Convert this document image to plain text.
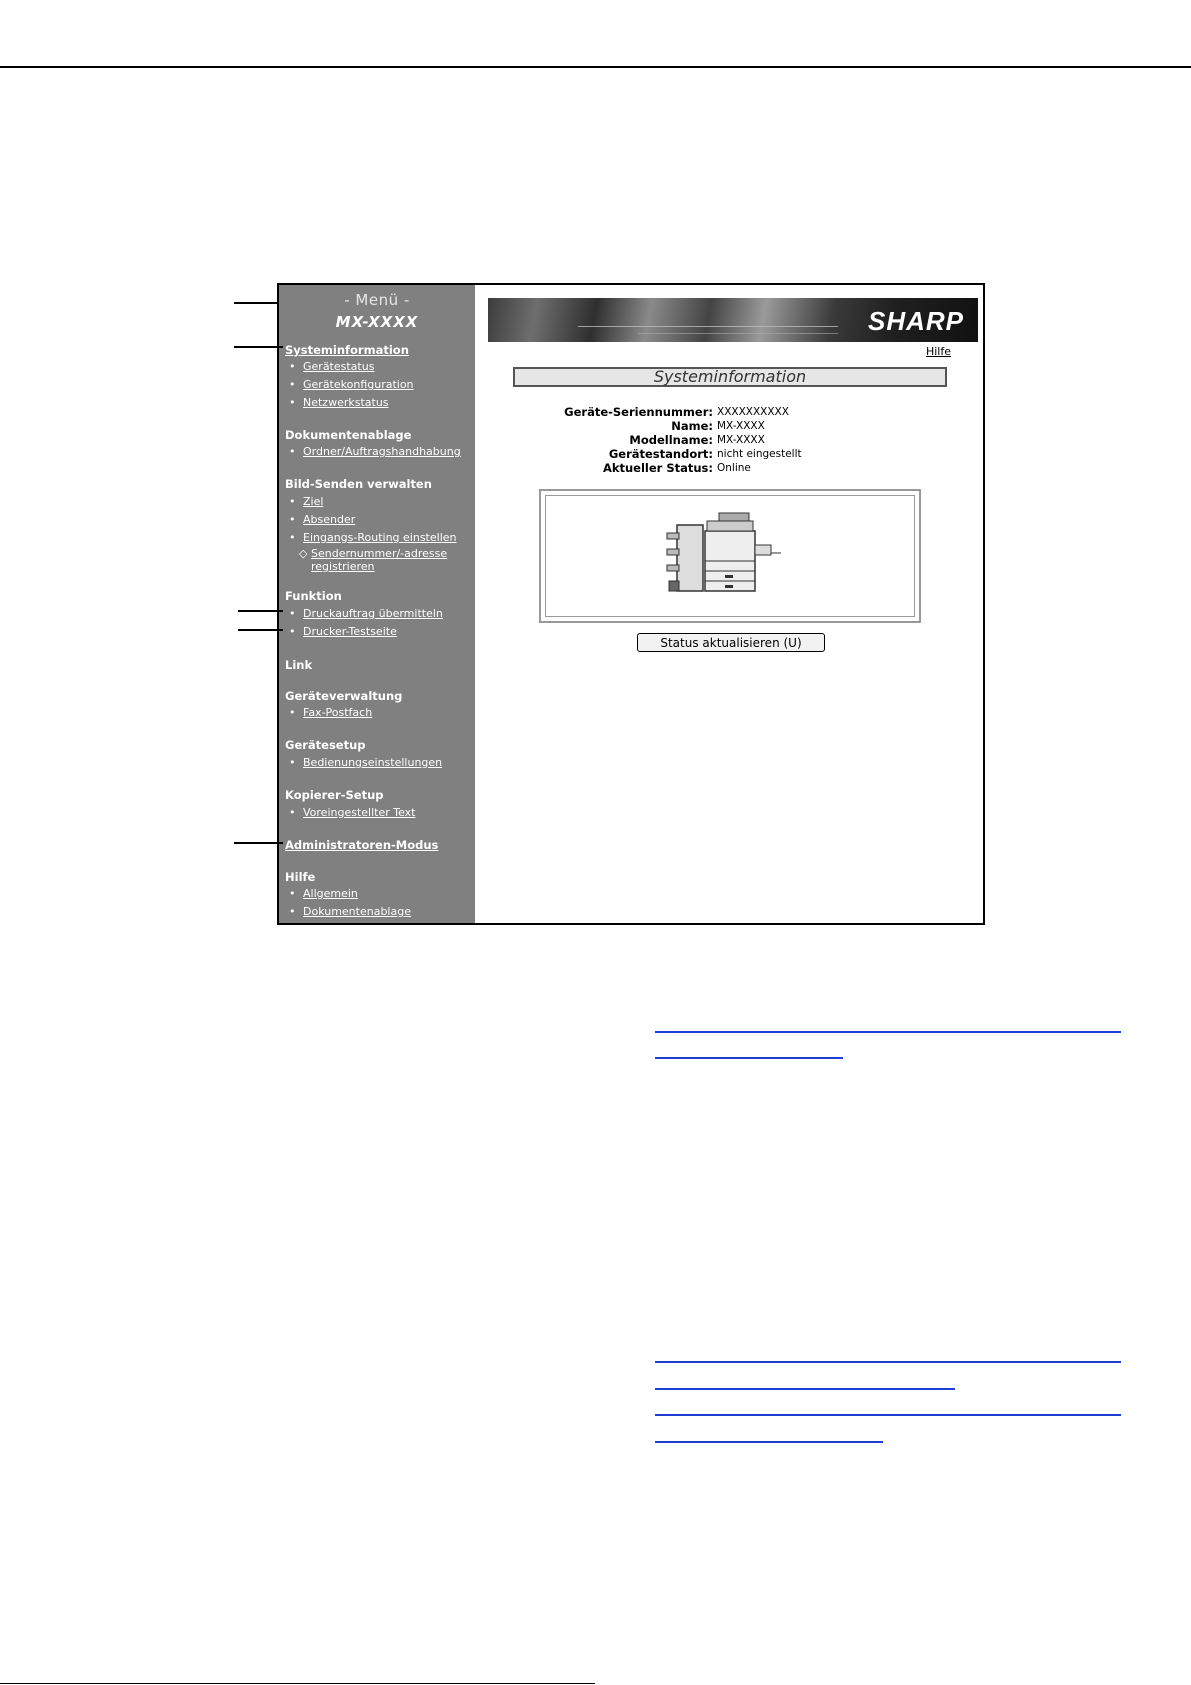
- Menü -
MX-XXXX
Systeminformation
• Gerätestatus
• Gerätekonfiguration
• Netzwerkstatus
Dokumentenablage
• Ordner/Auftragshandhabung
Bild-Senden verwalten
• Ziel
• Absender
• Eingangs-Routing einstellen
◇ Sendernummer/-adresse
registrieren
Funktion
• Druckauftrag übermitteln
• Drucker-Testseite
Link
Geräteverwaltung
• Fax-Postfach
Gerätesetup
• Bedienungseinstellungen
Kopierer-Setup
• Voreingestellter Text
Administratoren-Modus
Hilfe
• Allgemein
• Dokumentenablage
SHARP
Hilfe
Systeminformation
Geräte-Seriennummer: XXXXXXXXXX
Name: MX-XXXX
Modellname: MX-XXXX
Gerätestandort: nicht eingestellt
Aktueller Status: Online
Status aktualisieren (U)
